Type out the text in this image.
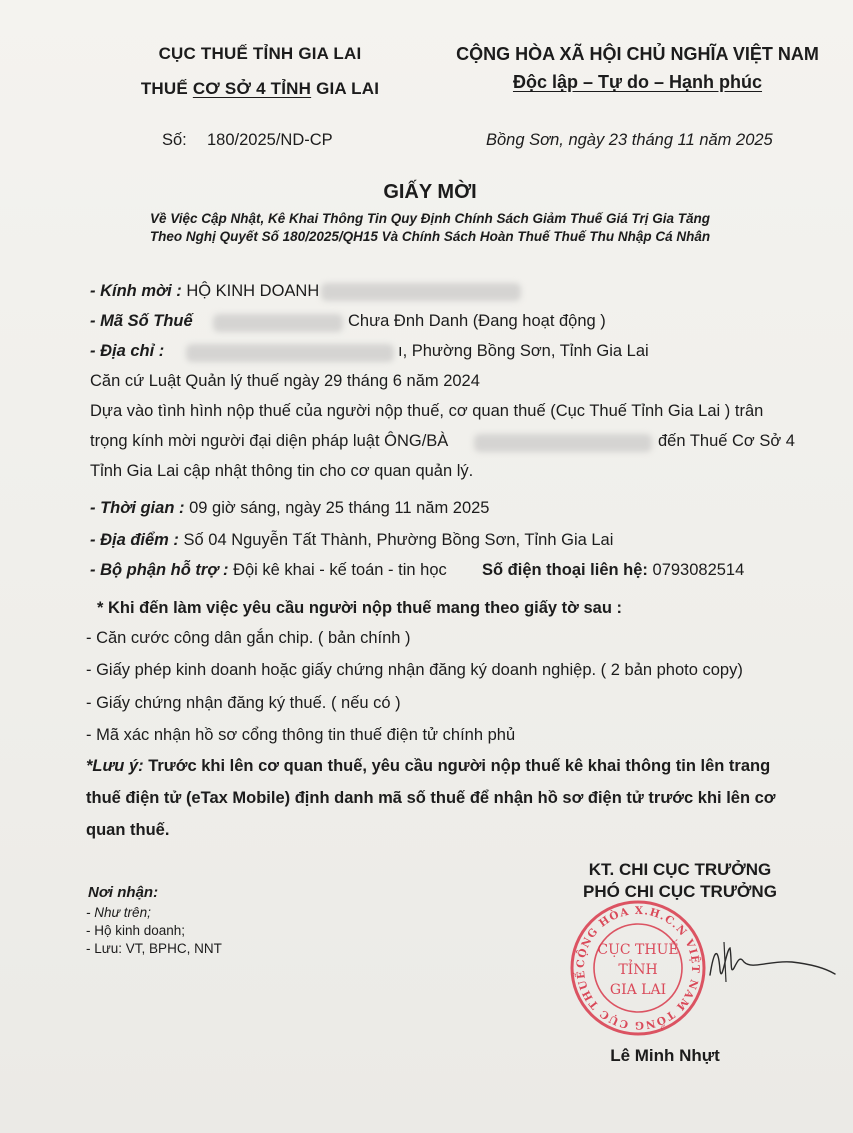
CỤC THUẾ TỈNH GIA LAI
THUẾ CƠ SỞ 4 TỈNH GIA LAI
Số: 180/2025/ND-CP
CỘNG HÒA XÃ HỘI CHỦ NGHĨA VIỆT NAM
Độc lập – Tự do – Hạnh phúc
Bồng Sơn, ngày 23 tháng 11 năm 2025
GIẤY MỜI
Về Việc Cập Nhật, Kê Khai Thông Tin Quy Định Chính Sách Giảm Thuế Giá Trị Gia Tăng
Theo Nghị Quyết Số 180/2025/QH15 Và Chính Sách Hoàn Thuế Thuế Thu Nhập Cá Nhân
- Kính mời : HỘ KINH DOANH
- Mã Số Thuế	Chưa Đnh Danh (Đang hoạt động )
- Địa chỉ :	ı, Phường Bồng Sơn, Tỉnh Gia Lai
Căn cứ Luật Quản lý thuế ngày 29 tháng 6 năm 2024
Dựa vào tình hình nộp thuế của người nộp thuế, cơ quan thuế (Cục Thuế Tỉnh Gia Lai ) trân
trọng kính mời người đại diện pháp luật ÔNG/BÀ	đến Thuế Cơ Sở 4
Tỉnh Gia Lai cập nhật thông tin cho cơ quan quản lý.
- Thời gian : 09 giờ sáng, ngày 25 tháng 11 năm 2025
- Địa điểm : Số 04 Nguyễn Tất Thành, Phường Bồng Sơn, Tỉnh Gia Lai
- Bộ phận hỗ trợ : Đội kê khai - kế toán - tin học Số điện thoại liên hệ: 0793082514
* Khi đến làm việc yêu cầu người nộp thuế mang theo giấy tờ sau :
- Căn cước công dân gắn chip. ( bản chính )
- Giấy phép kinh doanh hoặc giấy chứng nhận đăng ký doanh nghiệp. ( 2 bản photo copy)
- Giấy chứng nhận đăng ký thuế. ( nếu có )
- Mã xác nhận hồ sơ cổng thông tin thuế điện tử chính phủ
*Lưu ý: Trước khi lên cơ quan thuế, yêu cầu người nộp thuế kê khai thông tin lên trang
thuế điện tử (eTax Mobile) định danh mã số thuế để nhận hồ sơ điện tử trước khi lên cơ
quan thuế.
Nơi nhận:
- Như trên;
- Hộ kinh doanh;
- Lưu: VT, BPHC, NNT
KT. CHI CỤC TRƯỞNG
PHÓ CHI CỤC TRƯỞNG
CỘNG HÒA X.H.C.N VIỆT NAM TỔNG CỤC THUẾ
CỤC THUẾ
TỈNH
GIA LAI
Lê Minh Nhựt
